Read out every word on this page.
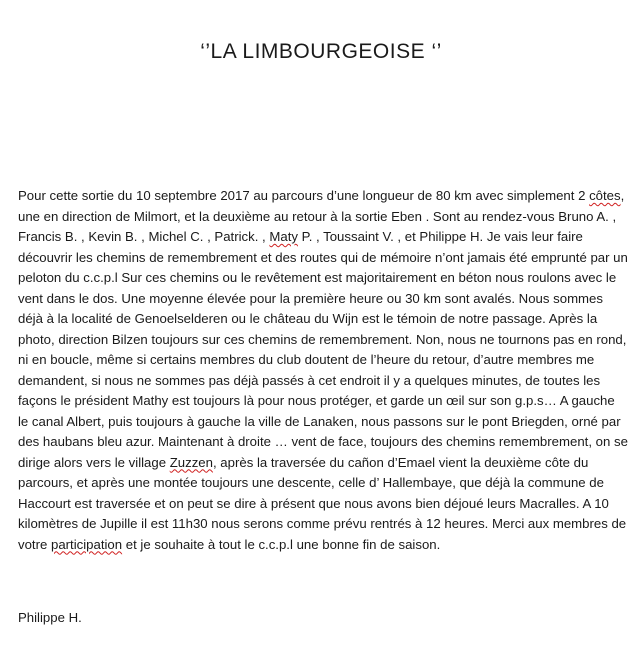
‘’LA LIMBOURGEOISE ‘’

Pour cette sortie du 10 septembre 2017 au parcours d’une longueur de 80 km avec simplement 2 côtes, une en direction de Milmort, et la deuxième au retour à la sortie Eben . Sont au rendez-vous Bruno A. , Francis B. , Kevin B. , Michel C. , Patrick. , Maty P. , Toussaint V. , et Philippe H. Je vais leur faire découvrir les chemins de remembrement et des routes qui de mémoire n’ont jamais été emprunté par un peloton du c.c.p.l Sur ces chemins ou le revêtement est majoritairement en béton nous roulons avec le vent dans le dos. Une moyenne élevée pour la première heure ou 30 km sont avalés. Nous sommes déjà à la localité de Genoelselderen ou le château du Wijn est le témoin de notre passage. Après la photo, direction Bilzen toujours sur ces chemins de remembrement. Non, nous ne tournons pas en rond, ni en boucle, même si certains membres du club doutent de l’heure du retour, d’autre membres me demandent, si nous ne sommes pas déjà passés à cet endroit il y a quelques minutes, de toutes les façons le président Mathy est toujours là pour nous protéger, et garde un œil sur son g.p.s… A gauche le canal Albert, puis toujours à gauche la ville de Lanaken, nous passons sur le pont Briegden, orné par des haubans bleu azur. Maintenant à droite … vent de face, toujours des chemins remembrement, on se dirige alors vers le village Zuzzen, après la traversée du cañon d’Emael vient la deuxième côte du parcours, et après une montée toujours une descente, celle d’ Hallembaye, que déjà la commune de Haccourt est traversée et on peut se dire à présent que nous avons bien déjoué leurs Macralles. A 10 kilomètres de Jupille il est 11h30 nous serons comme prévu rentrés à 12 heures. Merci aux membres de votre participation et je souhaite à tout le c.c.p.l une bonne fin de saison.

Philippe H.
